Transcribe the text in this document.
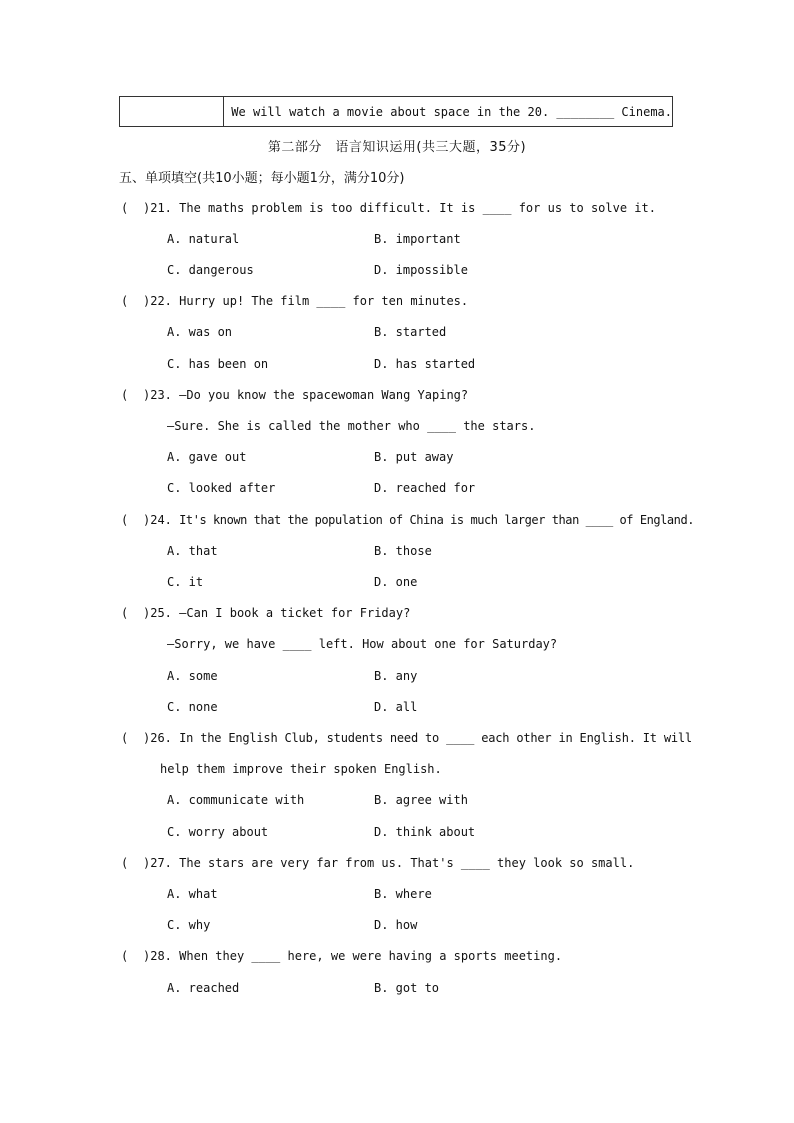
We will watch a movie about space in the 20. ________ Cinema.
第二部分　语言知识运用(共三大题，35分)
五、单项填空(共10小题；每小题1分，满分10分)
( )21. The maths problem is too difficult. It is ____ for us to solve it.
A. natural	B. important
C. dangerous	D. impossible
( )22. Hurry up! The film ____ for ten minutes.
A. was on	B. started
C. has been on	D. has started
( )23. —Do you know the spacewoman Wang Yaping?
—Sure. She is called the mother who ____ the stars.
A. gave out	B. put away
C. looked after	D. reached for
( )24. It's known that the population of China is much larger than ____ of England.
A. that	B. those
C. it	D. one
( )25. —Can I book a ticket for Friday?
—Sorry, we have ____ left. How about one for Saturday?
A. some	B. any
C. none	D. all
( )26. In the English Club, students need to ____ each other in English. It will
help them improve their spoken English.
A. communicate with	B. agree with
C. worry about	D. think about
( )27. The stars are very far from us. That's ____ they look so small.
A. what	B. where
C. why	D. how
( )28. When they ____ here, we were having a sports meeting.
A. reached	B. got to
